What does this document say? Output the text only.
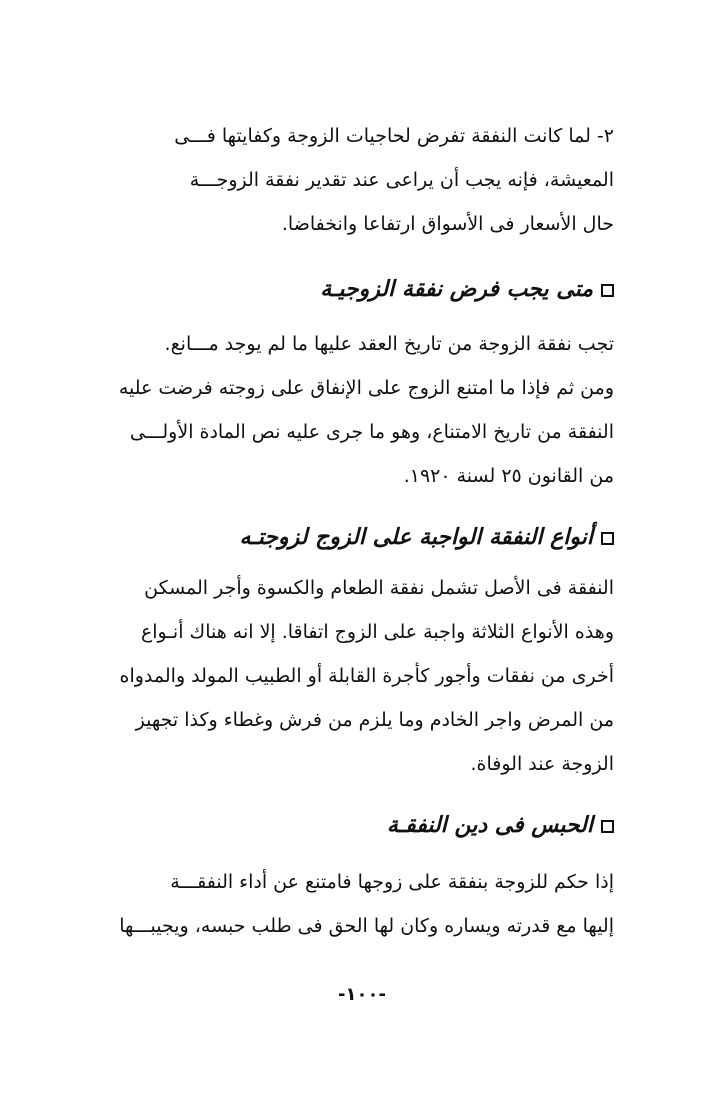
٢- لما كانت النفقة تفرض لحاجيات الزوجة وكفايتها فـــى
المعيشة، فإنه يجب أن يراعى عند تقدير نفقة الزوجـــة
حال الأسعار فى الأسواق ارتفاعا وانخفاضا.
متى يجب فرض نفقة الزوجيـة
تجب نفقة الزوجة من تاريخ العقد عليها ما لم يوجد مـــانع.
ومن ثم فإذا ما امتنع الزوج على الإنفاق على زوجته فرضت عليه
النفقة من تاريخ الامتناع، وهو ما جرى عليه نص المادة الأولـــى
من القانون ٢٥ لسنة ١٩٢٠.
أنواع النفقة الواجبة على الزوج لزوجتـه
النفقة فى الأصل تشمل نفقة الطعام والكسوة وأجر المسكن
وهذه الأنواع الثلاثة واجبة على الزوج اتفاقا. إلا انه هناك أنـواع
أخرى من نفقات وأجور كأجرة القابلة أو الطبيب المولد والمدواه
من المرض واجر الخادم وما يلزم من فرش وغطاء وكذا تجهيز
الزوجة عند الوفاة.
الحبس فى دين النفقـة
إذا حكم للزوجة بنفقة على زوجها فامتنع عن أداء النفقـــة
إليها مع قدرته ويساره وكان لها الحق فى طلب حبسه، ويجيبـــها
-١٠٠-
